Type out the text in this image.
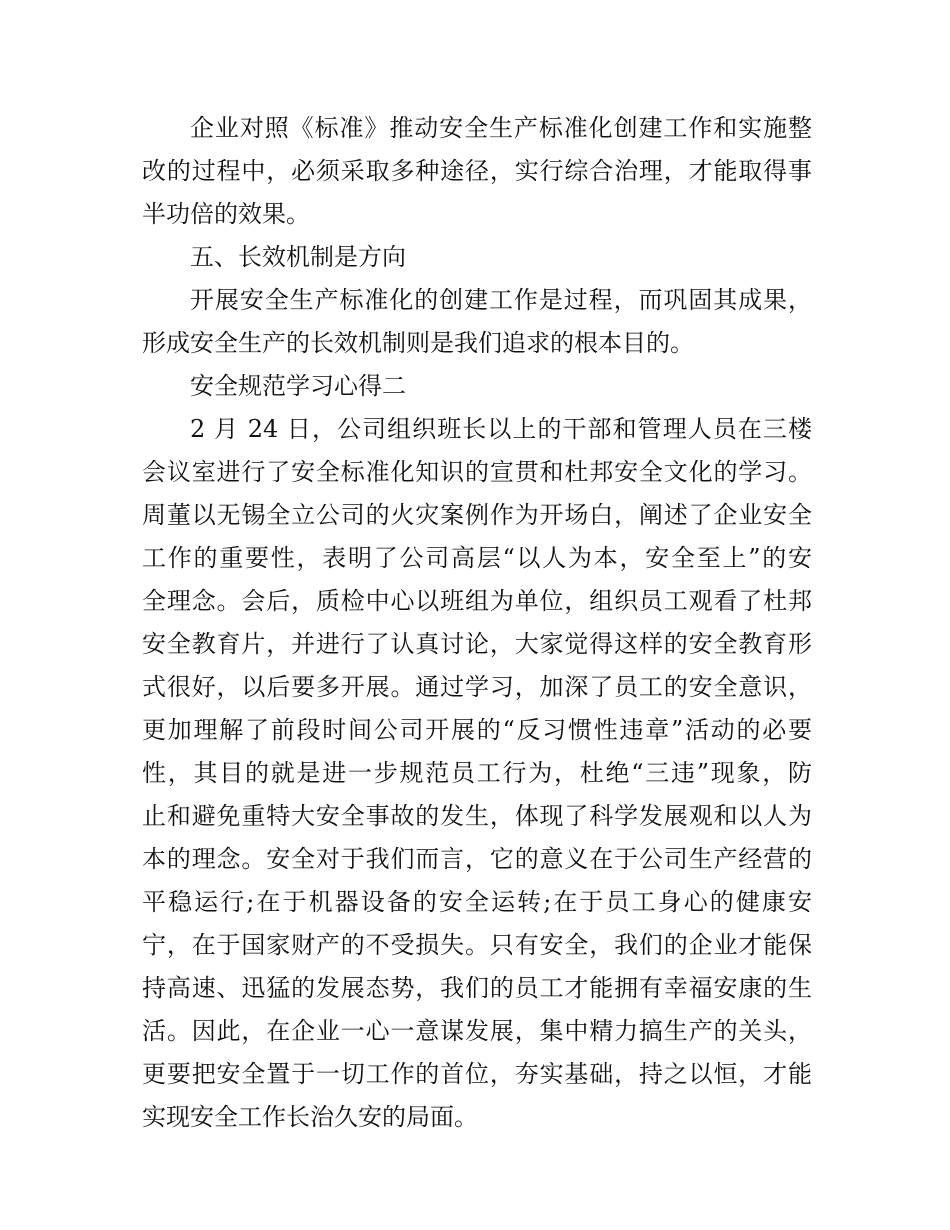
企业对照《标准》推动安全生产标准化创建工作和实施整
改的过程中，必须采取多种途径，实行综合治理，才能取得事
半功倍的效果。
五、长效机制是方向
开展安全生产标准化的创建工作是过程，而巩固其成果，
形成安全生产的长效机制则是我们追求的根本目的。
安全规范学习心得二
2 月 24 日，公司组织班长以上的干部和管理人员在三楼
会议室进行了安全标准化知识的宣贯和杜邦安全文化的学习。
周董以无锡全立公司的火灾案例作为开场白，阐述了企业安全
工作的重要性，表明了公司高层“以人为本，安全至上”的安
全理念。会后，质检中心以班组为单位，组织员工观看了杜邦
安全教育片，并进行了认真讨论，大家觉得这样的安全教育形
式很好，以后要多开展。通过学习，加深了员工的安全意识，
更加理解了前段时间公司开展的“反习惯性违章”活动的必要
性，其目的就是进一步规范员工行为，杜绝“三违”现象，防
止和避免重特大安全事故的发生，体现了科学发展观和以人为
本的理念。安全对于我们而言，它的意义在于公司生产经营的
平稳运行;在于机器设备的安全运转;在于员工身心的健康安
宁，在于国家财产的不受损失。只有安全，我们的企业才能保
持高速、迅猛的发展态势，我们的员工才能拥有幸福安康的生
活。因此，在企业一心一意谋发展，集中精力搞生产的关头，
更要把安全置于一切工作的首位，夯实基础，持之以恒，才能
实现安全工作长治久安的局面。
